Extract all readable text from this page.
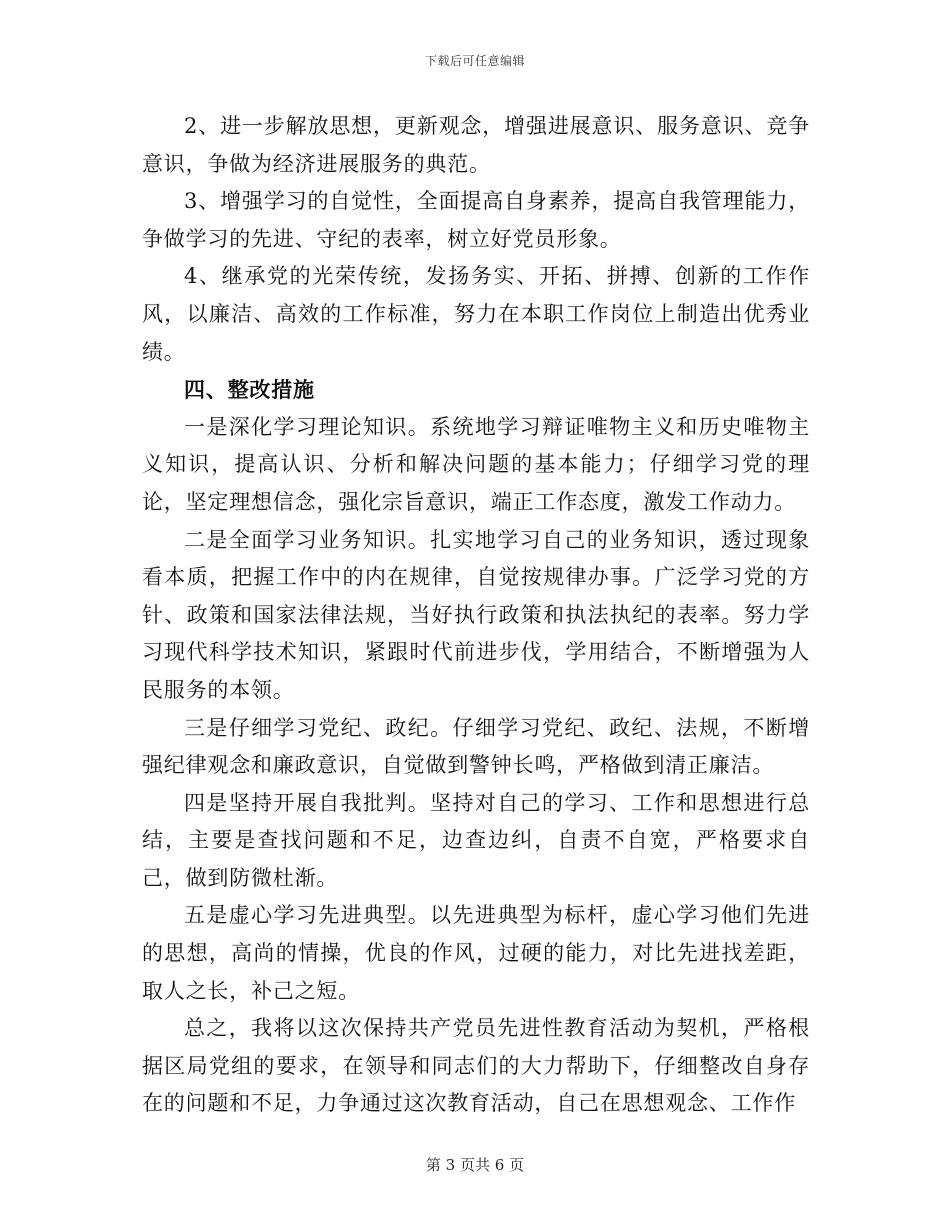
下载后可任意编辑

2、进一步解放思想，更新观念，增强进展意识、服务意识、竞争意识，争做为经济进展服务的典范。

3、增强学习的自觉性，全面提高自身素养，提高自我管理能力，争做学习的先进、守纪的表率，树立好党员形象。

4、继承党的光荣传统，发扬务实、开拓、拼搏、创新的工作作风，以廉洁、高效的工作标准，努力在本职工作岗位上制造出优秀业绩。

四、整改措施

一是深化学习理论知识。系统地学习辩证唯物主义和历史唯物主义知识，提高认识、分析和解决问题的基本能力；仔细学习党的理论，坚定理想信念，强化宗旨意识，端正工作态度，激发工作动力。

二是全面学习业务知识。扎实地学习自己的业务知识，透过现象看本质，把握工作中的内在规律，自觉按规律办事。广泛学习党的方针、政策和国家法律法规，当好执行政策和执法执纪的表率。努力学习现代科学技术知识，紧跟时代前进步伐，学用结合，不断增强为人民服务的本领。

三是仔细学习党纪、政纪。仔细学习党纪、政纪、法规，不断增强纪律观念和廉政意识，自觉做到警钟长鸣，严格做到清正廉洁。

四是坚持开展自我批判。坚持对自己的学习、工作和思想进行总结，主要是查找问题和不足，边查边纠，自责不自宽，严格要求自己，做到防微杜渐。

五是虚心学习先进典型。以先进典型为标杆，虚心学习他们先进的思想，高尚的情操，优良的作风，过硬的能力，对比先进找差距，取人之长，补己之短。

总之，我将以这次保持共产党员先进性教育活动为契机，严格根据区局党组的要求，在领导和同志们的大力帮助下，仔细整改自身存在的问题和不足，力争通过这次教育活动，自己在思想观念、工作作

第 3 页共 6 页
